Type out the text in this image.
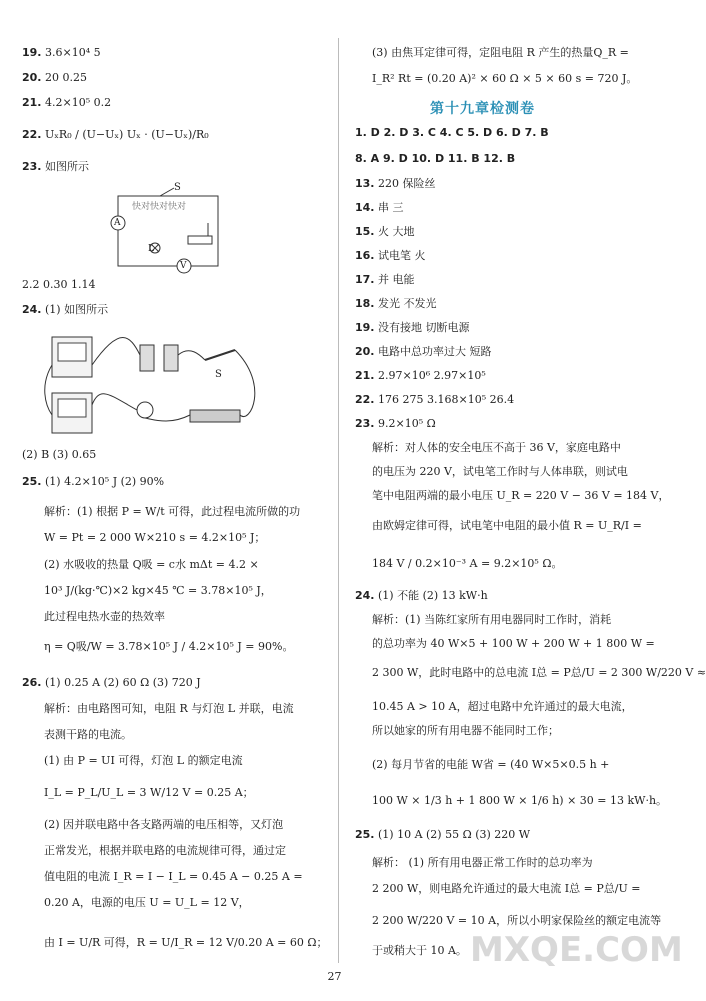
19. 3.6×10⁴ 5
20. 20 0.25
21. 4.2×10⁵ 0.2
22. UₓR₀ / (U−Uₓ) Uₓ · (U−Uₓ)/R₀
23. 如图所示
S
A
L
V
快对快对快对
2.2 0.30 1.14
24. (1) 如图所示
S
(2) B (3) 0.65
25. (1) 4.2×10⁵ J (2) 90%
解析：(1) 根据 P = W/t 可得，此过程电流所做的功
W = Pt = 2 000 W×210 s = 4.2×10⁵ J；
(2) 水吸收的热量 Q吸 = c水 mΔt = 4.2 ×
10³ J/(kg·℃)×2 kg×45 ℃ = 3.78×10⁵ J，
此过程电热水壶的热效率
η = Q吸/W = 3.78×10⁵ J / 4.2×10⁵ J = 90%。
26. (1) 0.25 A (2) 60 Ω (3) 720 J
解析：由电路图可知，电阻 R 与灯泡 L 并联，电流
表测干路的电流。
(1) 由 P = UI 可得，灯泡 L 的额定电流
I_L = P_L/U_L = 3 W/12 V = 0.25 A；
(2) 因并联电路中各支路两端的电压相等，又灯泡
正常发光，根据并联电路的电流规律可得，通过定
值电阻的电流 I_R = I − I_L = 0.45 A − 0.25 A =
0.20 A，电源的电压 U = U_L = 12 V，
由 I = U/R 可得，R = U/I_R = 12 V/0.20 A = 60 Ω；
(3) 由焦耳定律可得，定阻电阻 R 产生的热量Q_R =
I_R² Rt = (0.20 A)² × 60 Ω × 5 × 60 s = 720 J。
第十九章检测卷
1. D 2. D 3. C 4. C 5. D 6. D 7. B
8. A 9. D 10. D 11. B 12. B
13. 220 保险丝
14. 串 三
15. 火 大地
16. 试电笔 火
17. 并 电能
18. 发光 不发光
19. 没有接地 切断电源
20. 电路中总功率过大 短路
21. 2.97×10⁶ 2.97×10⁵
22. 176 275 3.168×10⁵ 26.4
23. 9.2×10⁵ Ω
解析：对人体的安全电压不高于 36 V，家庭电路中
的电压为 220 V，试电笔工作时与人体串联，则试电
笔中电阻两端的最小电压 U_R = 220 V − 36 V = 184 V，
由欧姆定律可得，试电笔中电阻的最小值 R = U_R/I =
184 V / 0.2×10⁻³ A = 9.2×10⁵ Ω。
24. (1) 不能 (2) 13 kW·h
解析：(1) 当陈红家所有用电器同时工作时，消耗
的总功率为 40 W×5 + 100 W + 200 W + 1 800 W =
2 300 W，此时电路中的总电流 I总 = P总/U = 2 300 W/220 V ≈
10.45 A > 10 A，超过电路中允许通过的最大电流，
所以她家的所有用电器不能同时工作；
(2) 每月节省的电能 W省 = (40 W×5×0.5 h +
100 W × 1/3 h + 1 800 W × 1/6 h) × 30 = 13 kW·h。
25. (1) 10 A (2) 55 Ω (3) 220 W
解析： (1) 所有用电器正常工作时的总功率为
2 200 W，则电路允许通过的最大电流 I总 = P总/U =
2 200 W/220 V = 10 A，所以小明家保险丝的额定电流等
于或稍大于 10 A。 MXQE.COM
27
